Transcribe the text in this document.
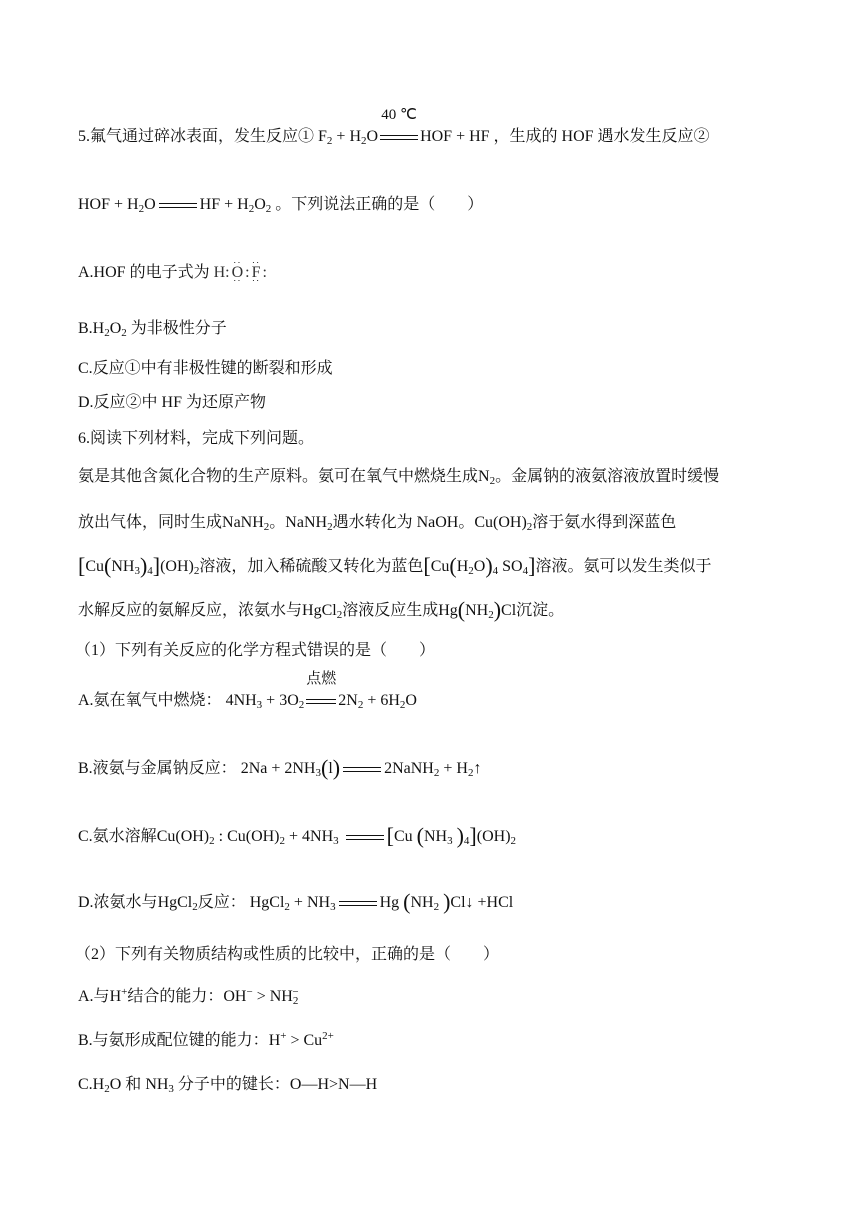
5.氟气通过碎冰表面，发生反应① $F_2 + H_2O$
40 ℃
HOF + HF ，生成的 HOF 遇水发生反应②
HOF + $H_2O$	HF + $H_2O_2$ 。下列说法正确的是（　　）
A.HOF 的电子式为 H: ⋅⋅ O ⋅⋅ : ⋅⋅ F ⋅⋅ :
$B.H_2O_2$ 为非极性分子
C.反应①中有非极性键的断裂和形成
D.反应②中 HF 为还原产物
6.阅读下列材料，完成下列问题。
氨是其他含氮化合物的生产原料。氨可在氧气中燃烧生成$N_2$。金属钠的液氨溶液放置时缓慢
放出气体，同时生成NaNH$_2$。NaNH$_2$遇水转化为 NaOH。$Cu(OH)_2$溶于氨水得到深蓝色
$[Cu(NH_3)_4](OH)_2$溶液，加入稀硫酸又转化为蓝色[$Cu(H_2O)_4$ $SO_4$]溶液。氨可以发生类似于
水解反应的氨解反应，浓氨水与HgCl$_2$溶液反应生成$Hg(NH_2)Cl$沉淀。
（1）下列有关反应的化学方程式错误的是（　　）
A.氨在氧气中燃烧： $4NH_3 + 3O_2$
点燃
$2N_2 + 6H_2O$
B.液氨与金属钠反应： $2Na + 2NH_3(l)$	2NaNH$_2$ + $H_2↑$
C.氨水溶解$Cu(OH)_2$ : $Cu(OH)_2 + 4NH_3$ [Cu ($NH_3$ )$_4](OH)_2$
D.浓氨水与HgCl$_2$反应： HgCl$_2$ + $NH_3$	Hg ($NH_2$ )Cl↓ +HCl
（2）下列有关物质结构或性质的比较中，正确的是（　　）
A.与H+结合的能力：$OH^- > NH_2^-$
B.与氨形成配位键的能力：$H^+ > Cu^{2+}$
$C.H_2O$ 和 $NH_3$ 分子中的键长：O—H>N—H
